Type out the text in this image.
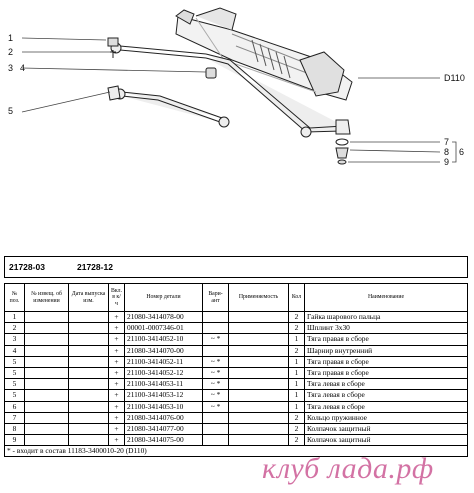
1
2
3 4
5
D110
7
8 6
9
21728-03	21728-12
№ поз.	№ извещ. об изменении	Дата выпуска изм.	Вкл. в к/ч	Номер детали	Вари-ант	Применяемость	Кол	Наименование
1			+	21080-3414078-00			2	Гайка шарового пальца
2			+	00001-0007346-01			2	Шплинт 3х30
3			+	21100-3414052-10	~ *		1	Тяга правая в сборе
4			+	21080-3414070-00			2	Шарнир внутренний
5			+	21100-3414052-11	~ *		1	Тяга правая в сборе
5			+	21100-3414052-12	~ *		1	Тяга правая в сборе
5			+	21100-3414053-11	~ *		1	Тяга левая в сборе
5			+	21100-3414053-12	~ *		1	Тяга левая в сборе
6			+	21100-3414053-10	~ *		1	Тяга левая в сборе
7			+	21080-3414076-00			2	Кольцо пружинное
8			+	21080-3414077-00			2	Колпачок защитный
9			+	21080-3414075-00			2	Колпачок защитный
* - входит в состав 11183-3400010-20 (D110)								
клуб лада.рф
